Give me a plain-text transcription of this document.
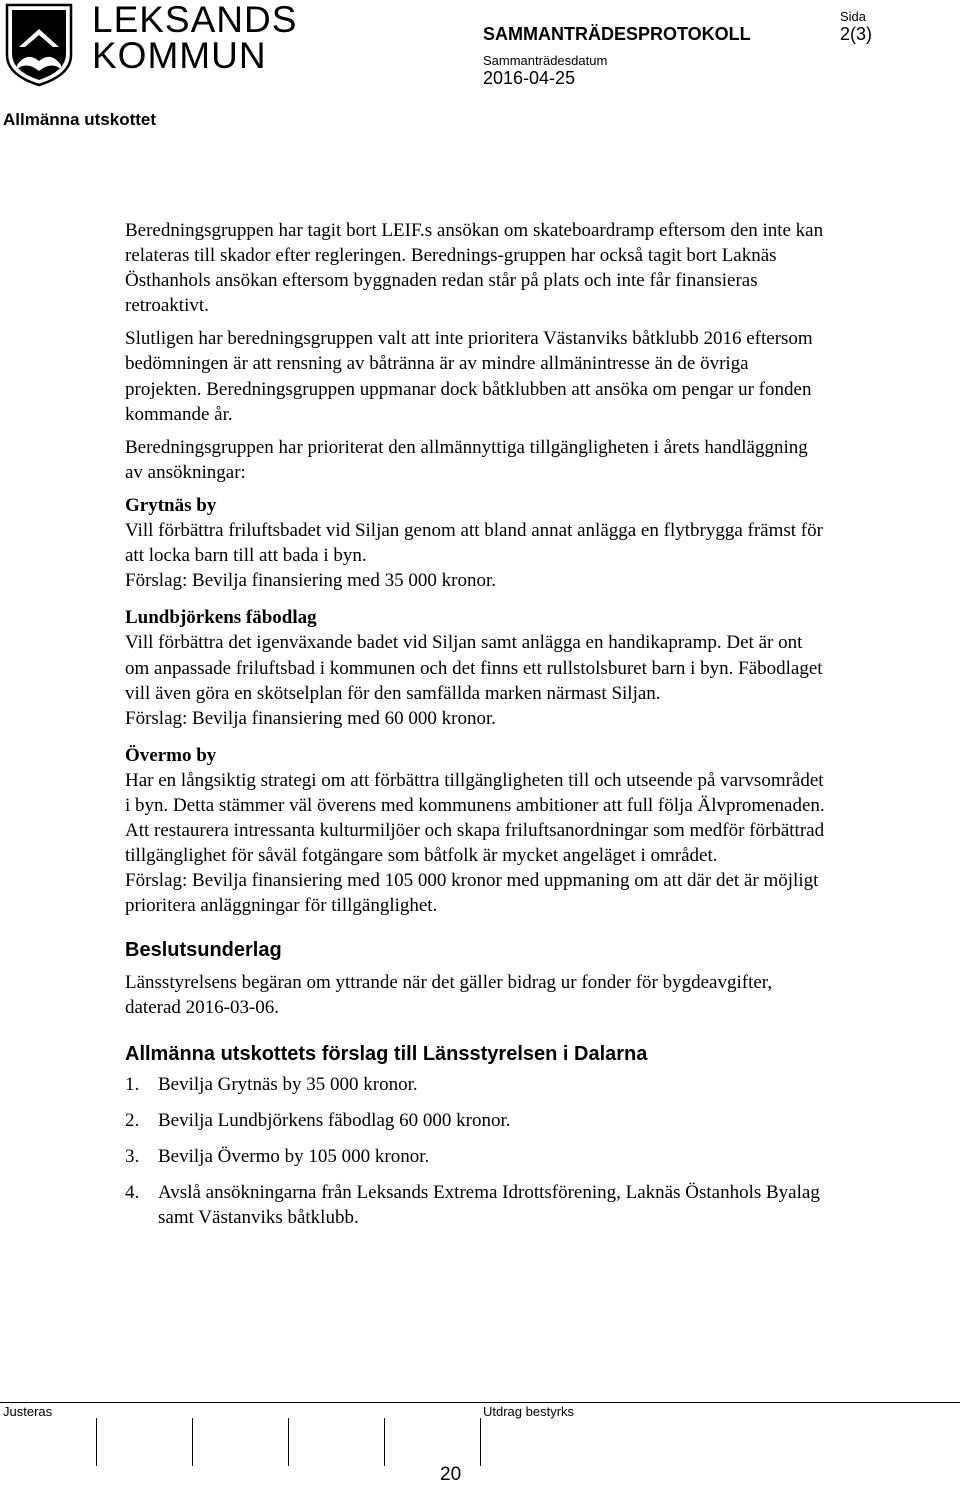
LEKSANDS
KOMMUN
SAMMANTRÄDESPROTOKOLL
Sida
2(3)
Sammanträdesdatum
2016-04-25
Allmänna utskottet

Beredningsgruppen har tagit bort LEIF.s ansökan om skateboardramp eftersom den inte kan relateras till skador efter regleringen. Berednings-gruppen har också tagit bort Laknäs Östhanhols ansökan eftersom byggnaden redan står på plats och inte får finansieras retroaktivt.

Slutligen har beredningsgruppen valt att inte prioritera Västanviks båtklubb 2016 eftersom bedömningen är att rensning av båtränna är av mindre allmänintresse än de övriga projekten. Beredningsgruppen uppmanar dock båtklubben att ansöka om pengar ur fonden kommande år.

Beredningsgruppen har prioriterat den allmännyttiga tillgängligheten i årets handläggning av ansökningar:

Grytnäs by

Vill förbättra friluftsbadet vid Siljan genom att bland annat anlägga en flytbrygga främst för att locka barn till att bada i byn.

Förslag: Bevilja finansiering med 35 000 kronor.

Lundbjörkens fäbodlag

Vill förbättra det igenväxande badet vid Siljan samt anlägga en handikapramp. Det är ont om anpassade friluftsbad i kommunen och det finns ett rullstolsburet barn i byn. Fäbodlaget vill även göra en skötselplan för den samfällda marken närmast Siljan.

Förslag: Bevilja finansiering med 60 000 kronor.

Övermo by

Har en långsiktig strategi om att förbättra tillgängligheten till och utseende på varvsområdet i byn. Detta stämmer väl överens med kommunens ambitioner att full följa Älvpromenaden. Att restaurera intressanta kulturmiljöer och skapa friluftsanordningar som medför förbättrad tillgänglighet för såväl fotgängare som båtfolk är mycket angeläget i området.

Förslag: Bevilja finansiering med 105 000 kronor med uppmaning om att där det är möjligt prioritera anläggningar för tillgänglighet.

Beslutsunderlag

Länsstyrelsens begäran om yttrande när det gäller bidrag ur fonder för bygdeavgifter, daterad 2016-03-06.

Allmänna utskottets förslag till Länsstyrelsen i Dalarna

1. Bevilja Grytnäs by 35 000 kronor.
2. Bevilja Lundbjörkens fäbodlag 60 000 kronor.
3. Bevilja Övermo by 105 000 kronor.
4. Avslå ansökningarna från Leksands Extrema Idrottsförening, Laknäs Östanhols Byalag samt Västanviks båtklubb.
Justeras	Utdrag bestyrks
20
